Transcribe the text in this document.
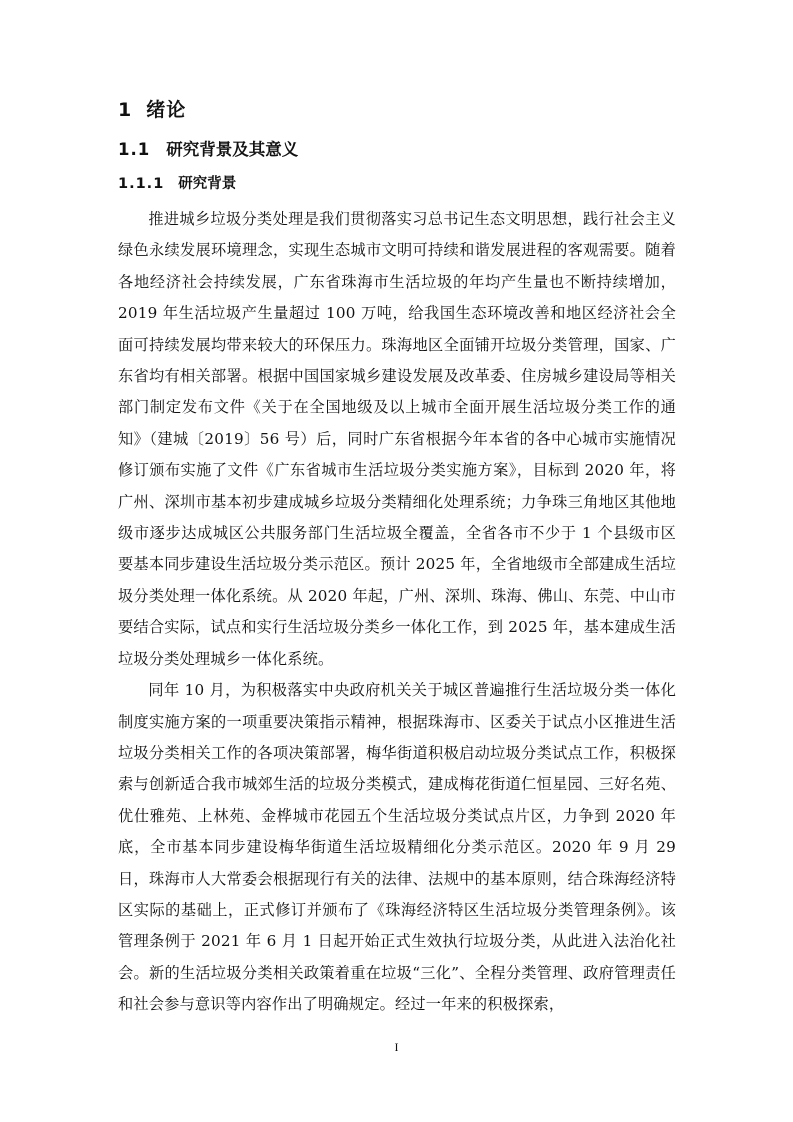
1 绪论
1.1 研究背景及其意义
1.1.1 研究背景

推进城乡垃圾分类处理是我们贯彻落实习总书记生态文明思想，践行社会主义绿色永续发展环境理念，实现生态城市文明可持续和谐发展进程的客观需要。随着各地经济社会持续发展，广东省珠海市生活垃圾的年均产生量也不断持续增加，2019 年生活垃圾产生量超过 100 万吨，给我国生态环境改善和地区经济社会全面可持续发展均带来较大的环保压力。珠海地区全面铺开垃圾分类管理，国家、广东省均有相关部署。根据中国国家城乡建设发展及改革委、住房城乡建设局等相关部门制定发布文件《关于在全国地级及以上城市全面开展生活垃圾分类工作的通知》（建城〔2019〕56 号）后，同时广东省根据今年本省的各中心城市实施情况修订颁布实施了文件《广东省城市生活垃圾分类实施方案》，目标到 2020 年，将广州、深圳市基本初步建成城乡垃圾分类精细化处理系统；力争珠三角地区其他地级市逐步达成城区公共服务部门生活垃圾全覆盖，全省各市不少于 1 个县级市区要基本同步建设生活垃圾分类示范区。预计 2025 年，全省地级市全部建成生活垃圾分类处理一体化系统。从 2020 年起，广州、深圳、珠海、佛山、东莞、中山市要结合实际，试点和实行生活垃圾分类乡一体化工作，到 2025 年，基本建成生活垃圾分类处理城乡一体化系统。

同年 10 月，为积极落实中央政府机关关于城区普遍推行生活垃圾分类一体化制度实施方案的一项重要决策指示精神，根据珠海市、区委关于试点小区推进生活垃圾分类相关工作的各项决策部署，梅华街道积极启动垃圾分类试点工作，积极探索与创新适合我市城郊生活的垃圾分类模式，建成梅花街道仁恒星园、三好名苑、优仕雅苑、上林苑、金桦城市花园五个生活垃圾分类试点片区，力争到 2020 年底，全市基本同步建设梅华街道生活垃圾精细化分类示范区。2020 年 9 月 29 日，珠海市人大常委会根据现行有关的法律、法规中的基本原则，结合珠海经济特区实际的基础上，正式修订并颁布了《珠海经济特区生活垃圾分类管理条例》。该管理条例于 2021 年 6 月 1 日起开始正式生效执行垃圾分类，从此进入法治化社会。新的生活垃圾分类相关政策着重在垃圾“三化”、全程分类管理、政府管理责任和社会参与意识等内容作出了明确规定。经过一年来的积极探索，

I
